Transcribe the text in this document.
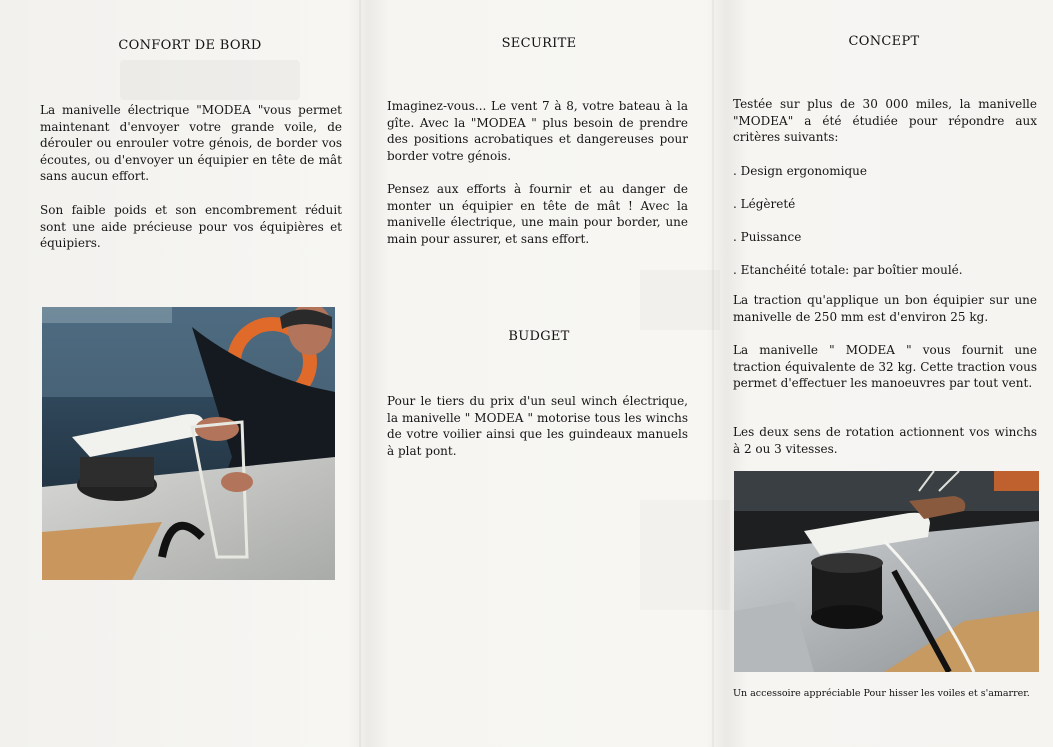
CONFORT DE BORD

La manivelle électrique "MODEA "vous permet maintenant d'envoyer votre grande voile, de dérouler ou enrouler votre génois, de border vos écoutes, ou d'envoyer un équipier en tête de mât sans aucun effort.

Son faible poids et son encombrement réduit sont une aide précieuse pour vos équipières et équipiers.

SECURITE

Imaginez-vous... Le vent 7 à 8, votre bateau à la gîte. Avec la "MODEA " plus besoin de prendre des positions acrobatiques et dangereuses pour border votre génois.

Pensez aux efforts à fournir et au danger de monter un équipier en tête de mât ! Avec la manivelle électrique, une main pour border, une main pour assurer, et sans effort.

BUDGET

Pour le tiers du prix d'un seul winch électrique, la manivelle " MODEA " motorise tous les winchs de votre voilier ainsi que les guindeaux manuels à plat pont.

CONCEPT

Testée sur plus de 30 000 miles, la manivelle "MODEA" a été étudiée pour répondre aux critères suivants:

. Design ergonomique
. Légèreté
. Puissance
. Etanchéité totale: par boîtier moulé.

La traction qu'applique un bon équipier sur une manivelle de 250 mm est d'environ 25 kg.

La manivelle " MODEA " vous fournit une traction équivalente de 32 kg. Cette traction vous permet d'effectuer les manoeuvres par tout vent.

Les deux sens de rotation actionnent vos winchs à 2 ou 3 vitesses.

Un accessoire appréciable Pour hisser les voiles et s'amarrer.
